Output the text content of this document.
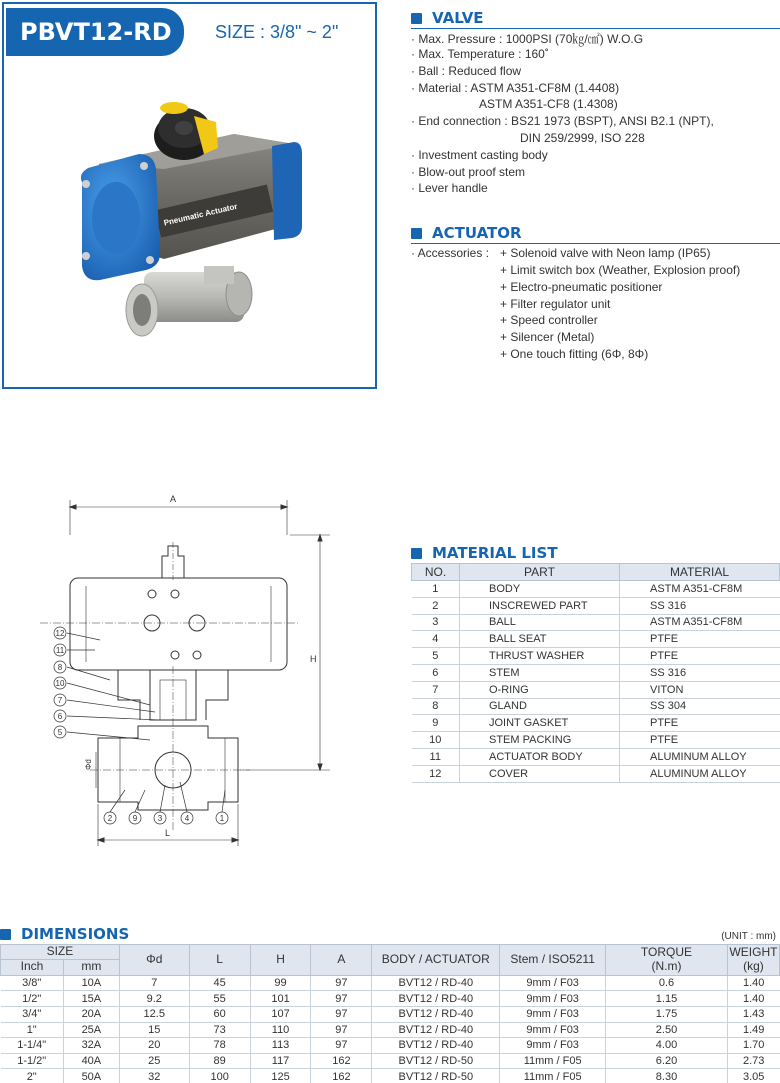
PBVT12-RD	SIZE : 3/8" ~ 2"
Pneumatic Actuator
VALVE
· Max. Pressure : 1000PSI (70㎏/㎠) W.O.G
· Max. Temperature : 160˚
· Ball : Reduced flow
· Material : ASTM A351-CF8M (1.4408)
ASTM A351-CF8 (1.4308)
· End connection : BS21 1973 (BSPT), ANSI B2.1 (NPT),
DIN 259/2999, ISO 228
· Investment casting body
· Blow-out proof stem
· Lever handle
ACTUATOR
· Accessories : + Solenoid valve with Neon lamp (IP65)
+ Limit switch box (Weather, Explosion proof)
+ Electro-pneumatic positioner
+ Filter regulator unit
+ Speed controller
+ Silencer (Metal)
+ One touch fitting (6Φ, 8Φ)
A
H
Φd
L
12
11
8
10
7
6
5
2	9	3	4	1
MATERIAL LIST
NO.	PART	MATERIAL
1	BODY	ASTM A351-CF8M
2	INSCREWED PART	SS 316
3	BALL	ASTM A351-CF8M
4	BALL SEAT	PTFE
5	THRUST WASHER	PTFE
6	STEM	SS 316
7	O-RING	VITON
8	GLAND	SS 304
9	JOINT GASKET	PTFE
10	STEM PACKING	PTFE
11	ACTUATOR BODY	ALUMINUM ALLOY
12	COVER	ALUMINUM ALLOY
DIMENSIONS	(UNIT : mm)
SIZE		Φd	L	H	A	BODY / ACTUATOR	Stem / ISO5211	TORQUE
(N.m)	WEIGHT
(kg)
Inch	mm								
3/8"	10A	7	45	99	97	BVT12 / RD-40	9mm / F03	0.6	1.40
1/2"	15A	9.2	55	101	97	BVT12 / RD-40	9mm / F03	1.15	1.40
3/4"	20A	12.5	60	107	97	BVT12 / RD-40	9mm / F03	1.75	1.43
1"	25A	15	73	110	97	BVT12 / RD-40	9mm / F03	2.50	1.49
1-1/4"	32A	20	78	113	97	BVT12 / RD-40	9mm / F03	4.00	1.70
1-1/2"	40A	25	89	117	162	BVT12 / RD-50	11mm / F05	6.20	2.73
2"	50A	32	100	125	162	BVT12 / RD-50	11mm / F05	8.30	3.05
